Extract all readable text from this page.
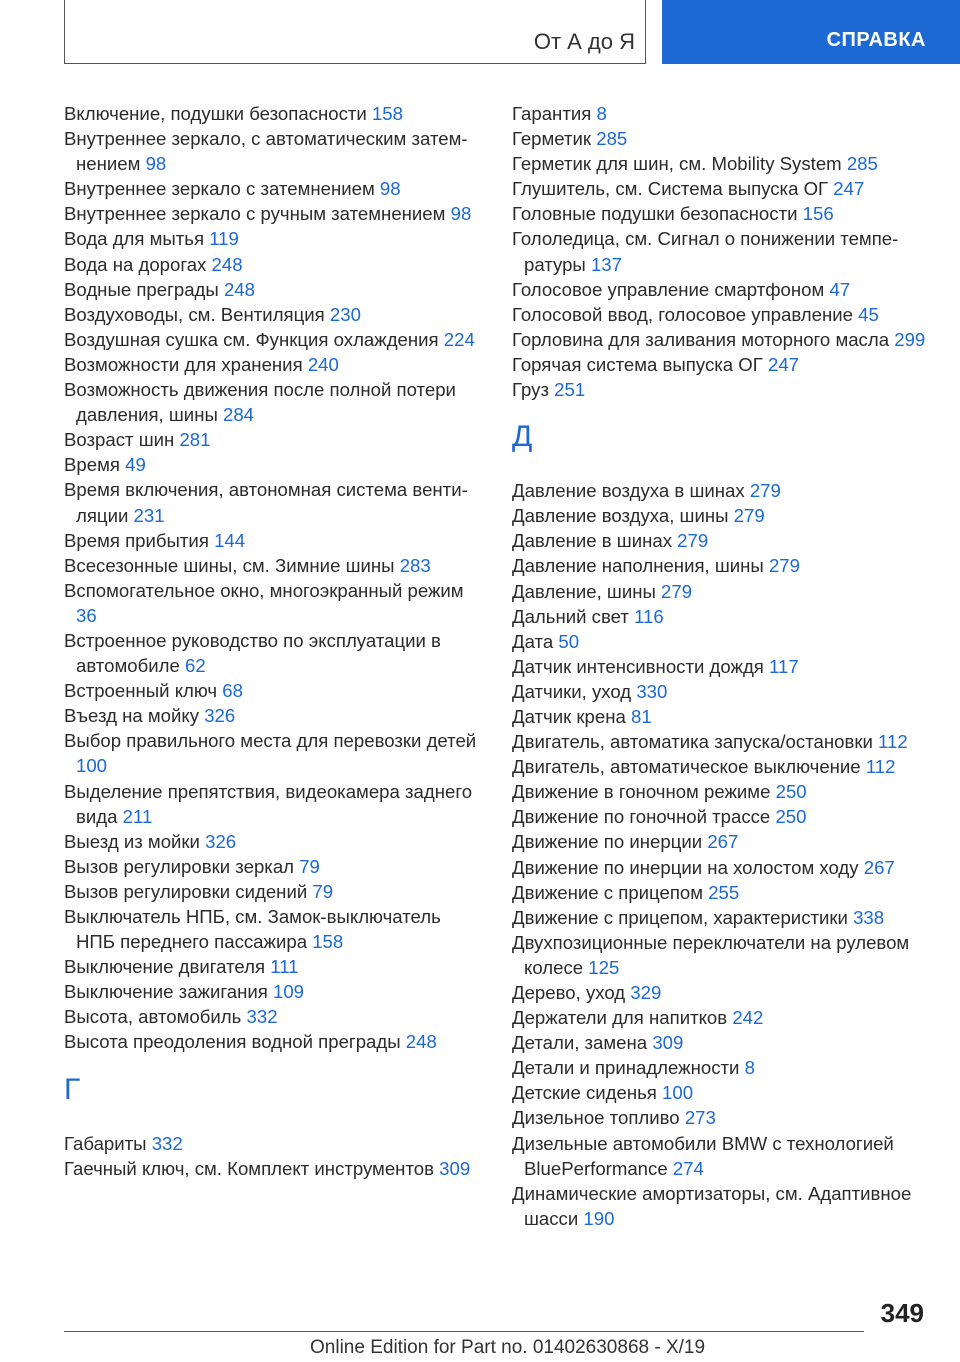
От А до Я	СПРАВКА

Включение, подушки безопасности 158

Внутреннее зеркало, с автоматическим затемнением 98

Внутреннее зеркало с затемнением 98

Внутреннее зеркало с ручным затемнением 98

Вода для мытья 119

Вода на дорогах 248

Водные преграды 248

Воздуховоды, см. Вентиляция 230

Воздушная сушка см. Функция охлаждения 224

Возможности для хранения 240

Возможность движения после полной потери давления, шины 284

Возраст шин 281

Время 49

Время включения, автономная система вентиляции 231

Время прибытия 144

Всесезонные шины, см. Зимние шины 283

Вспомогательное окно, многоэкранный режим 36

Встроенное руководство по эксплуатации в автомобиле 62

Встроенный ключ 68

Въезд на мойку 326

Выбор правильного места для перевозки детей 100

Выделение препятствия, видеокамера заднего вида 211

Выезд из мойки 326

Вызов регулировки зеркал 79

Вызов регулировки сидений 79

Выключатель НПБ, см. Замок-выключатель НПБ переднего пассажира 158

Выключение двигателя 111

Выключение зажигания 109

Высота, автомобиль 332

Высота преодоления водной преграды 248

Г

Габариты 332

Гаечный ключ, см. Комплект инструментов 309

Гарантия 8

Герметик 285

Герметик для шин, см. Mobility System 285

Глушитель, см. Система выпуска ОГ 247

Головные подушки безопасности 156

Гололедица, см. Сигнал о понижении температуры 137

Голосовое управление смартфоном 47

Голосовой ввод, голосовое управление 45

Горловина для заливания моторного масла 299

Горячая система выпуска ОГ 247

Груз 251

Д

Давление воздуха в шинах 279

Давление воздуха, шины 279

Давление в шинах 279

Давление наполнения, шины 279

Давление, шины 279

Дальний свет 116

Дата 50

Датчик интенсивности дождя 117

Датчики, уход 330

Датчик крена 81

Двигатель, автоматика запуска/остановки 112

Двигатель, автоматическое выключение 112

Движение в гоночном режиме 250

Движение по гоночной трассе 250

Движение по инерции 267

Движение по инерции на холостом ходу 267

Движение с прицепом 255

Движение с прицепом, характеристики 338

Двухпозиционные переключатели на рулевом колесе 125

Дерево, уход 329

Держатели для напитков 242

Детали, замена 309

Детали и принадлежности 8

Детские сиденья 100

Дизельное топливо 273

Дизельные автомобили BMW с технологией BluePerformance 274

Динамические амортизаторы, см. Адаптивное шасси 190

349
Online Edition for Part no. 01402630868 - X/19
